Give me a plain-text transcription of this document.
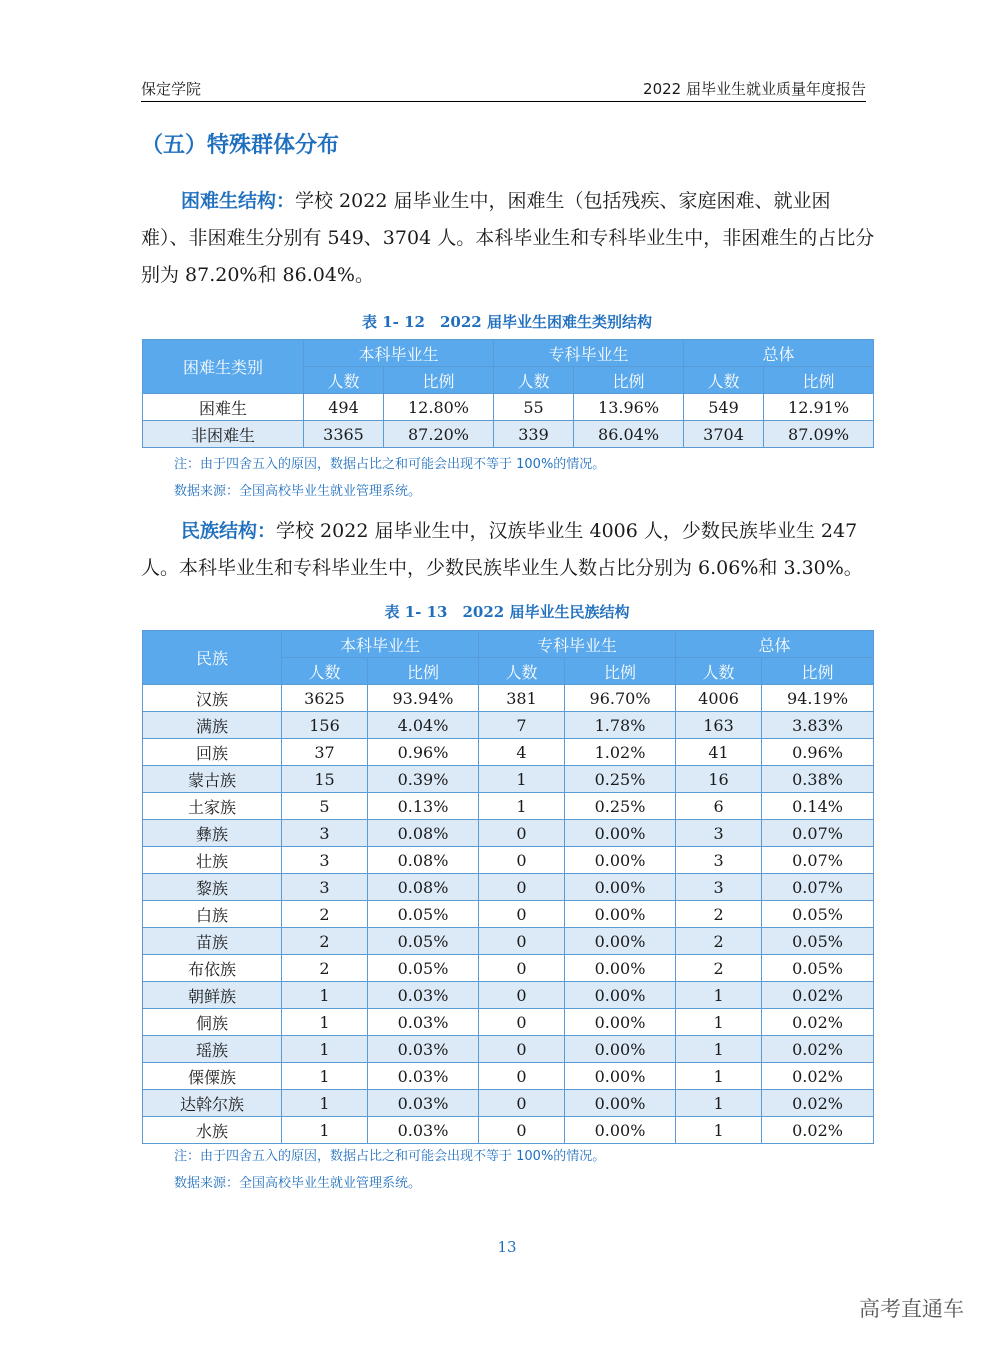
保定学院	2022 届毕业生就业质量年度报告
（五）特殊群体分布
困难生结构：学校 2022 届毕业生中，困难生（包括残疾、家庭困难、就业困难）、非困难生分别有 549、3704 人。本科毕业生和专科毕业生中，非困难生的占比分别为 87.20%和 86.04%。
表 1- 12　2022 届毕业生困难生类别结构
困难生类别	本科毕业生		专科毕业生		总体	
	人数	比例	人数	比例	人数	比例
困难生	494	12.80%	55	13.96%	549	12.91%
非困难生	3365	87.20%	339	86.04%	3704	87.09%
注：由于四舍五入的原因，数据占比之和可能会出现不等于 100%的情况。
数据来源：全国高校毕业生就业管理系统。
民族结构：学校 2022 届毕业生中，汉族毕业生 4006 人，少数民族毕业生 247 人。本科毕业生和专科毕业生中，少数民族毕业生人数占比分别为 6.06%和 3.30%。
表 1- 13　2022 届毕业生民族结构
民族	本科毕业生		专科毕业生		总体	
	人数	比例	人数	比例	人数	比例
汉族	3625	93.94%	381	96.70%	4006	94.19%
满族	156	4.04%	7	1.78%	163	3.83%
回族	37	0.96%	4	1.02%	41	0.96%
蒙古族	15	0.39%	1	0.25%	16	0.38%
土家族	5	0.13%	1	0.25%	6	0.14%
彝族	3	0.08%	0	0.00%	3	0.07%
壮族	3	0.08%	0	0.00%	3	0.07%
黎族	3	0.08%	0	0.00%	3	0.07%
白族	2	0.05%	0	0.00%	2	0.05%
苗族	2	0.05%	0	0.00%	2	0.05%
布依族	2	0.05%	0	0.00%	2	0.05%
朝鲜族	1	0.03%	0	0.00%	1	0.02%
侗族	1	0.03%	0	0.00%	1	0.02%
瑶族	1	0.03%	0	0.00%	1	0.02%
傈僳族	1	0.03%	0	0.00%	1	0.02%
达斡尔族	1	0.03%	0	0.00%	1	0.02%
水族	1	0.03%	0	0.00%	1	0.02%
注：由于四舍五入的原因，数据占比之和可能会出现不等于 100%的情况。
数据来源：全国高校毕业生就业管理系统。
13
高考直通车
